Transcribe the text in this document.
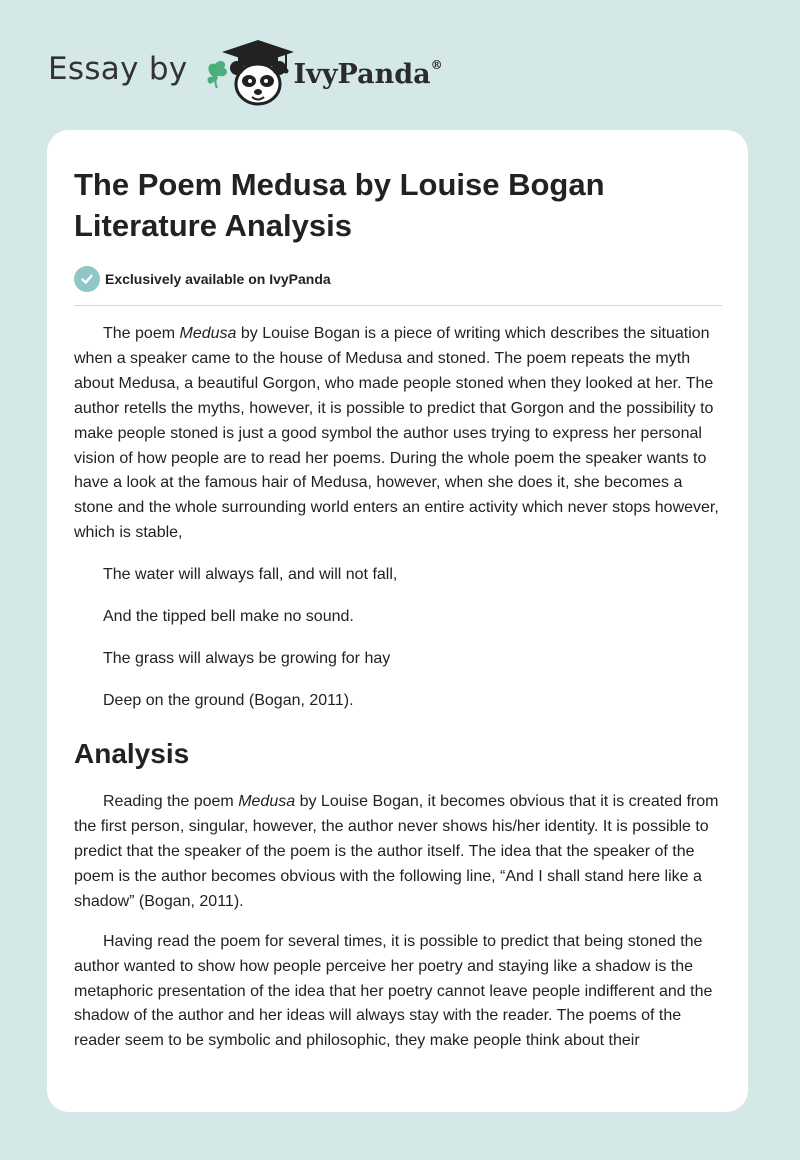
Essay by	IvyPanda®
The Poem Medusa by Louise Bogan
Literature Analysis
Exclusively available on IvyPanda

The poem Medusa by Louise Bogan is a piece of writing which describes the situation when a speaker came to the house of Medusa and stoned. The poem repeats the myth about Medusa, a beautiful Gorgon, who made people stoned when they looked at her. The author retells the myths, however, it is possible to predict that Gorgon and the possibility to make people stoned is just a good symbol the author uses trying to express her personal vision of how people are to read her poems. During the whole poem the speaker wants to have a look at the famous hair of Medusa, however, when she does it, she becomes a stone and the whole surrounding world enters an entire activity which never stops however, which is stable,

The water will always fall, and will not fall,

And the tipped bell make no sound.

The grass will always be growing for hay

Deep on the ground (Bogan, 2011).

Analysis

Reading the poem Medusa by Louise Bogan, it becomes obvious that it is created from the first person, singular, however, the author never shows his/her identity. It is possible to predict that the speaker of the poem is the author itself. The idea that the speaker of the poem is the author becomes obvious with the following line, “And I shall stand here like a shadow” (Bogan, 2011).

Having read the poem for several times, it is possible to predict that being stoned the author wanted to show how people perceive her poetry and staying like a shadow is the metaphoric presentation of the idea that her poetry cannot leave people indifferent and the shadow of the author and her ideas will always stay with the reader. The poems of the reader seem to be symbolic and philosophic, they make people think about their
